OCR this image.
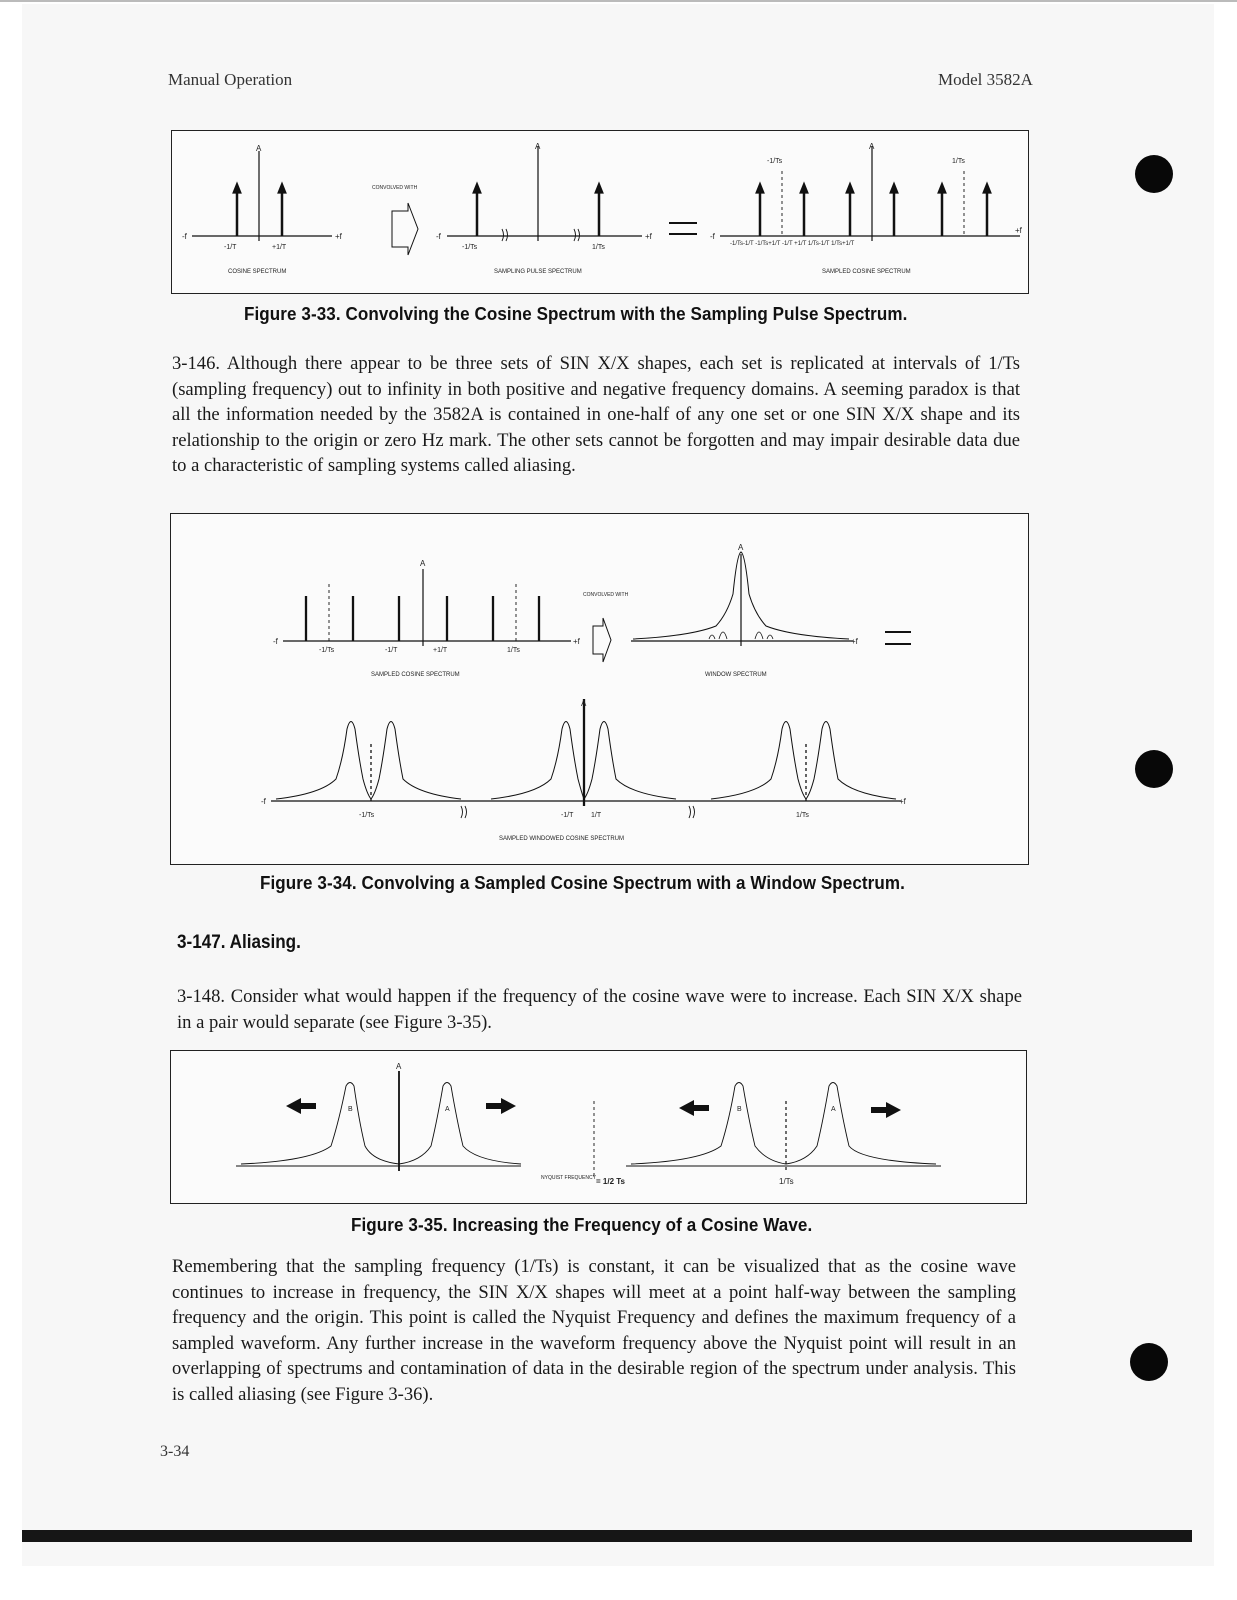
Manual Operation	Model 3582A
A	A	A
-f	+f	-f	+f	-f
+f
-1/T	+1/T	-1/Ts	1/Ts
-1/Ts	1/Ts
-1/Ts-1/T -1/Ts+1/T -1/T +1/T 1/Ts-1/T 1/Ts+1/T
CONVOLVED WITH
COSINE SPECTRUM	SAMPLING PULSE SPECTRUM	SAMPLED COSINE SPECTRUM
Figure 3-33. Convolving the Cosine Spectrum with the Sampling Pulse Spectrum.
3-146. Although there appear to be three sets of SIN X/X shapes, each set is replicated at intervals of 1/Ts (sampling frequency) out to infinity in both positive and negative frequency domains. A seeming paradox is that all the information needed by the 3582A is contained in one-half of any one set or one SIN X/X shape and its relationship to the origin or zero Hz mark. The other sets cannot be forgotten and may impair desirable data due to a characteristic of sampling systems called aliasing.
A
A
A
-f	+f	+f
-f	+f
-1/Ts	-1/T	+1/T	1/Ts
-1/Ts	-1/T	1/T	1/Ts
CONVOLVED WITH
SAMPLED COSINE SPECTRUM	WINDOW SPECTRUM
SAMPLED WINDOWED COSINE SPECTRUM
Figure 3-34. Convolving a Sampled Cosine Spectrum with a Window Spectrum.
3-147. Aliasing.
3-148. Consider what would happen if the frequency of the cosine wave were to increase. Each SIN X/X shape in a pair would separate (see Figure 3-35).
A
B	A	B	A
NYQUIST FREQUENCY = 1/2 Ts	1/Ts
Figure 3-35. Increasing the Frequency of a Cosine Wave.
Remembering that the sampling frequency (1/Ts) is constant, it can be visualized that as the cosine wave continues to increase in frequency, the SIN X/X shapes will meet at a point half-way between the sampling frequency and the origin. This point is called the Nyquist Frequency and defines the maximum frequency of a sampled waveform. Any further increase in the waveform frequency above the Nyquist point will result in an overlapping of spectrums and contamination of data in the desirable region of the spectrum under analysis. This is called aliasing (see Figure 3-36).
3-34
